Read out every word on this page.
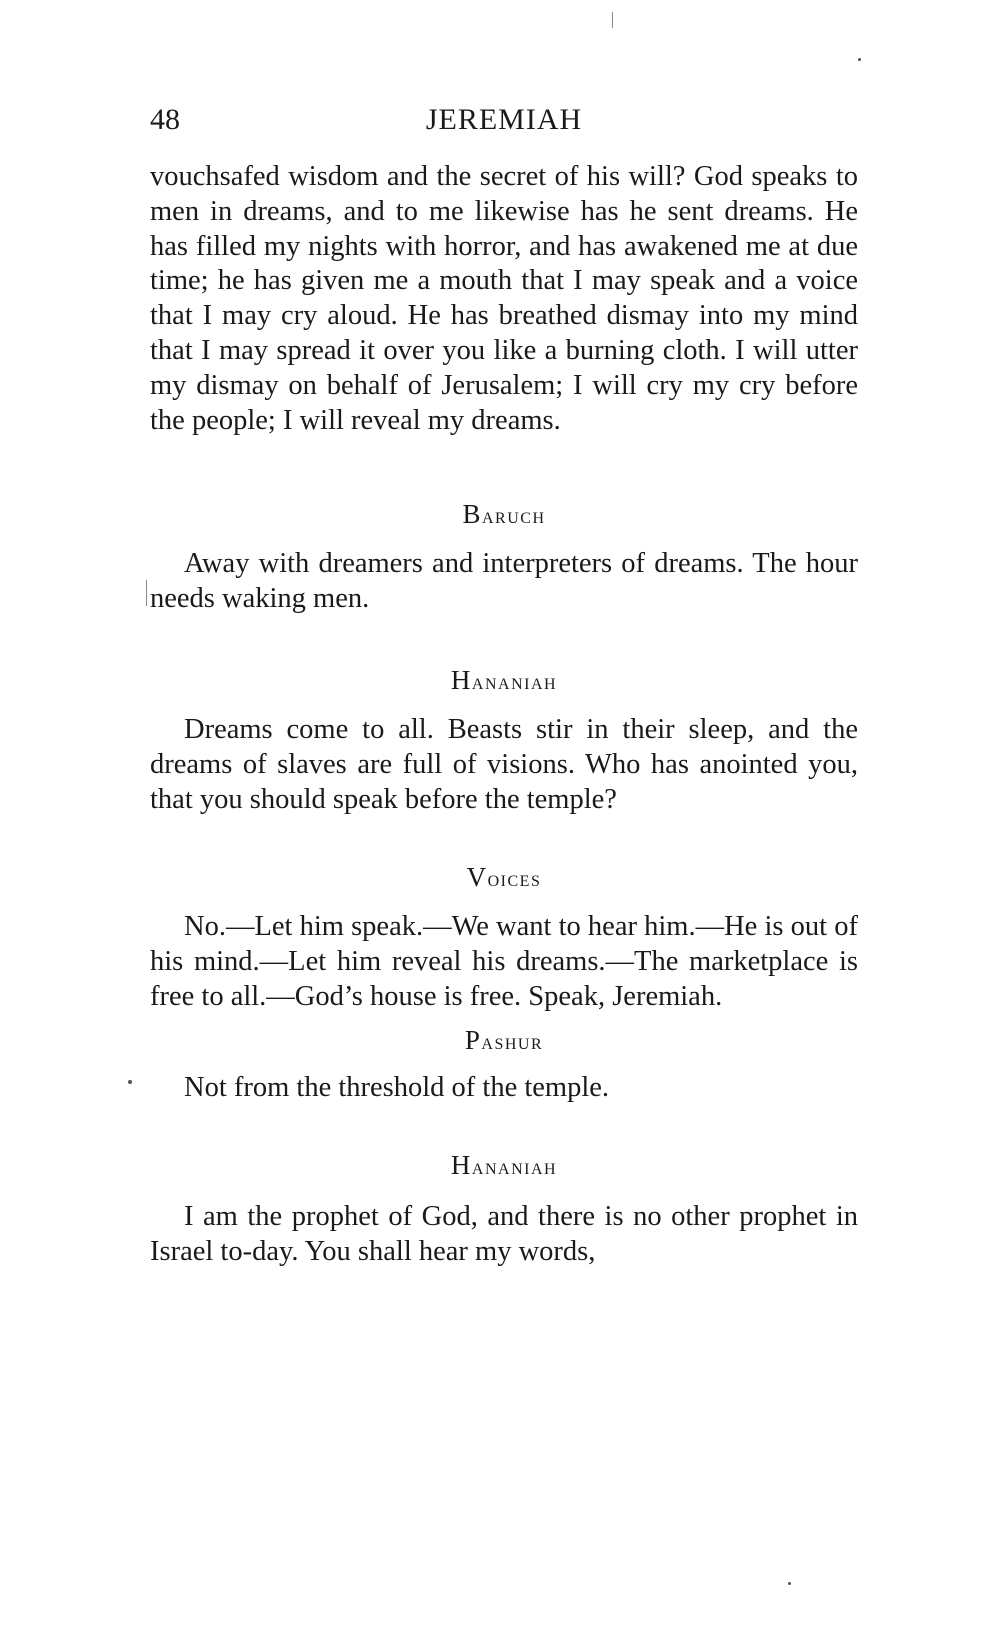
48	JEREMIAH

vouchsafed wisdom and the secret of his will? God speaks to men in dreams, and to me likewise has he sent dreams. He has filled my nights with horror, and has awakened me at due time; he has given me a mouth that I may speak and a voice that I may cry aloud. He has breathed dismay into my mind that I may spread it over you like a burning cloth. I will utter my dismay on behalf of Jerusalem; I will cry my cry before the people; I will reveal my dreams.

Baruch

Away with dreamers and interpreters of dreams. The hour needs waking men.

Hananiah

Dreams come to all. Beasts stir in their sleep, and the dreams of slaves are full of visions. Who has anointed you, that you should speak before the temple?

Voices

No.—Let him speak.—We want to hear him.—He is out of his mind.—Let him reveal his dreams.—The marketplace is free to all.—God’s house is free. Speak, Jeremiah.

Pashur

Not from the threshold of the temple.

Hananiah

I am the prophet of God, and there is no other prophet in Israel to-day. You shall hear my words,
